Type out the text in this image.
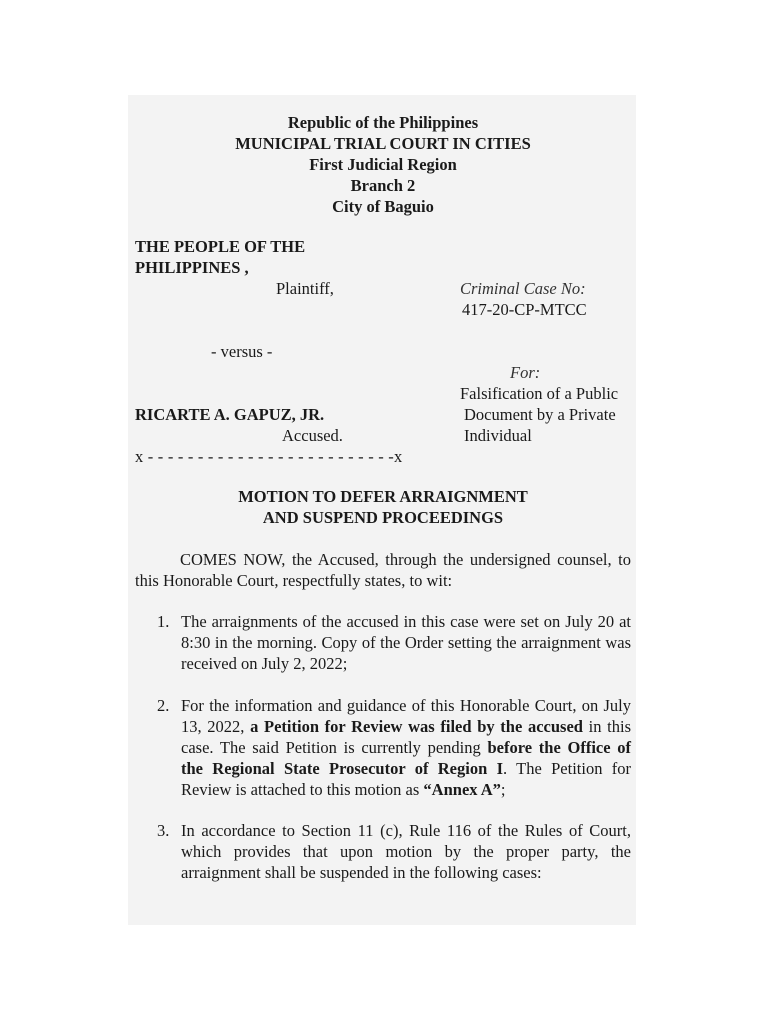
Republic of the Philippines
MUNICIPAL TRIAL COURT IN CITIES
First Judicial Region
Branch 2
City of Baguio
THE PEOPLE OF THE
PHILIPPINES ,
Plaintiff,	Criminal Case No:
417-20-CP-MTCC
- versus -
For:
Falsification of a Public
Document by a Private
Individual
RICARTE A. GAPUZ, JR.
Accused.
x - - - - - - - - - - - - - - - - - - - - - - - - -x
MOTION TO DEFER ARRAIGNMENT
AND SUSPEND PROCEEDINGS
COMES NOW, the Accused, through the undersigned counsel, to this Honorable Court, respectfully states, to wit:
1. The arraignments of the accused in this case were set on July 20 at 8:30 in the morning. Copy of the Order setting the arraignment was received on July 2, 2022;
2. For the information and guidance of this Honorable Court, on July 13, 2022, a Petition for Review was filed by the accused in this case. The said Petition is currently pending before the Office of the Regional State Prosecutor of Region I. The Petition for Review is attached to this motion as “Annex A”;
3. In accordance to Section 11 (c), Rule 116 of the Rules of Court, which provides that upon motion by the proper party, the arraignment shall be suspended in the following cases:
